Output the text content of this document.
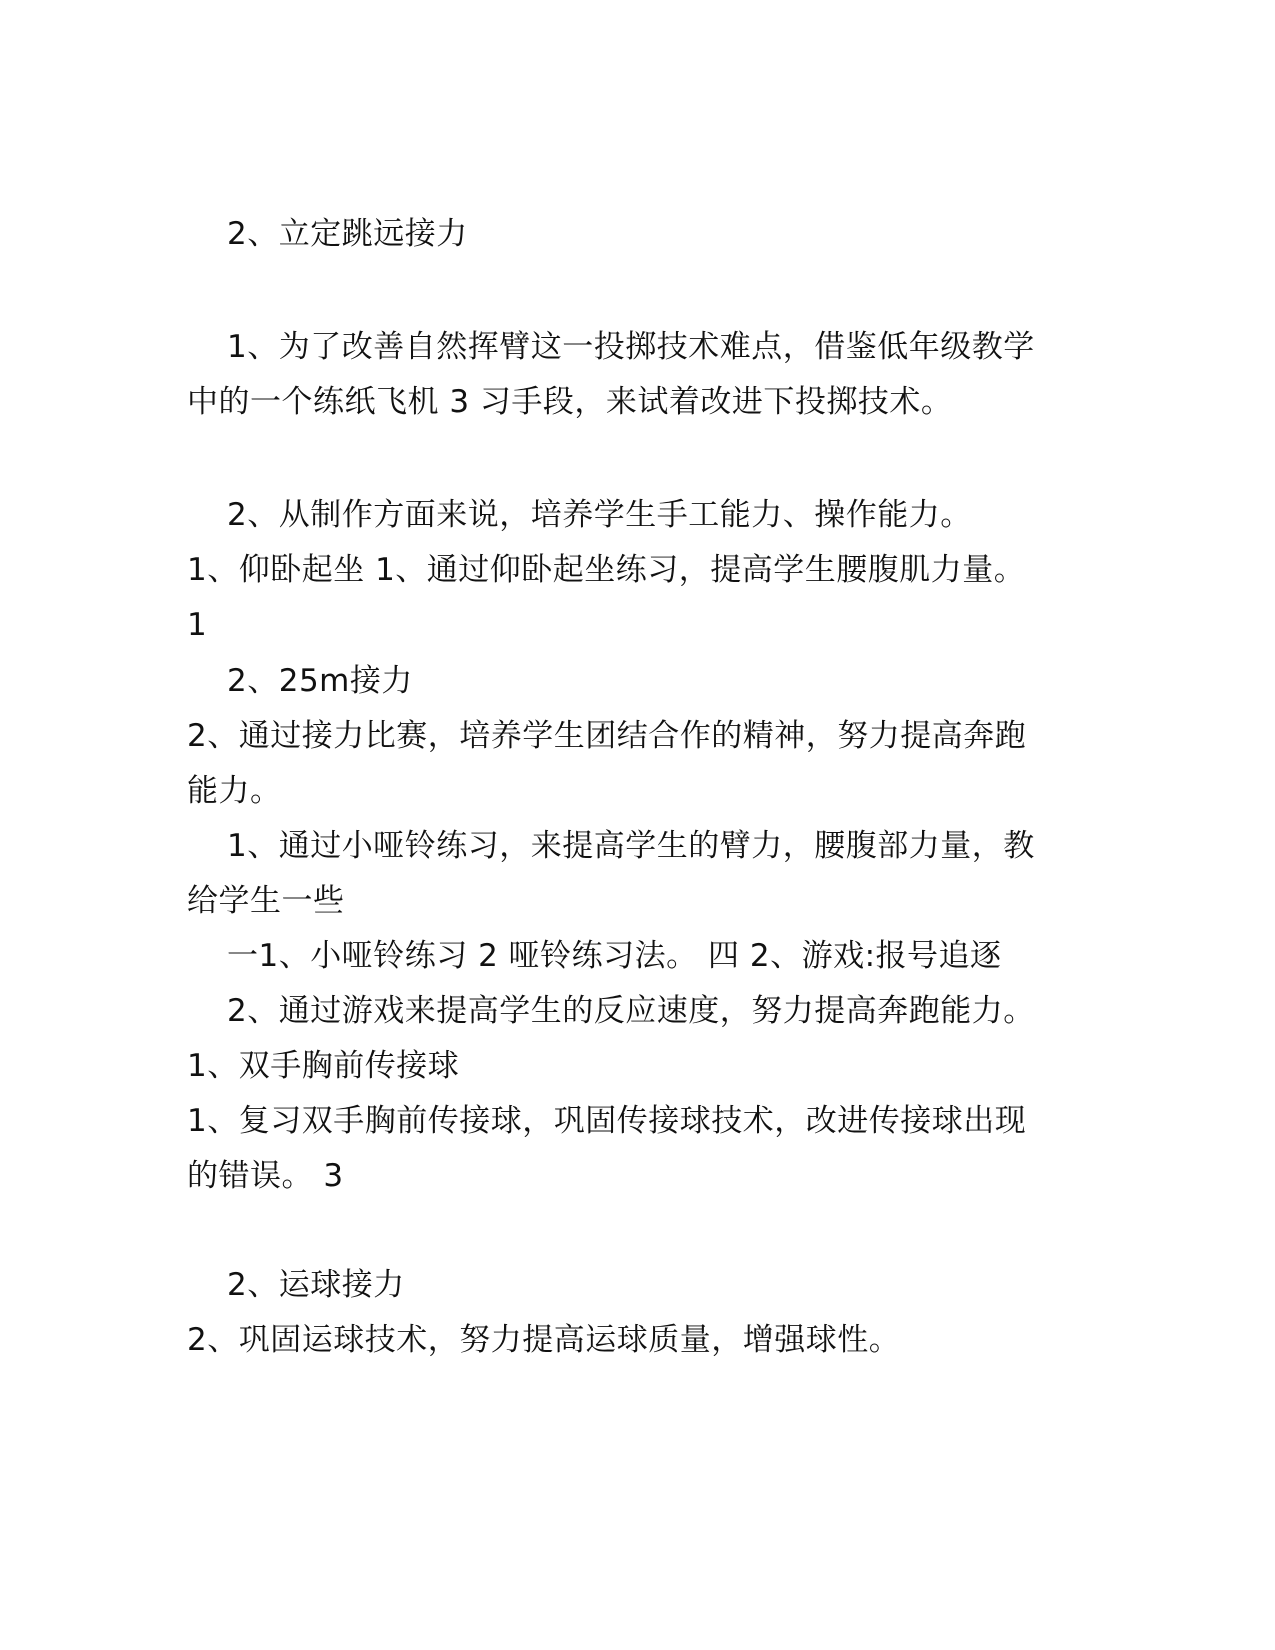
2、立定跳远接力
1、为了改善自然挥臂这一投掷技术难点，借鉴低年级教学
中的一个练纸飞机 3 习手段，来试着改进下投掷技术。
2、从制作方面来说，培养学生手工能力、操作能力。
1、仰卧起坐 1、通过仰卧起坐练习，提高学生腰腹肌力量。
1
2、25m接力
2、通过接力比赛，培养学生团结合作的精神，努力提高奔跑
能力。
1、通过小哑铃练习，来提高学生的臂力，腰腹部力量，教
给学生一些
一1、小哑铃练习 2 哑铃练习法。 四 2、游戏:报号追逐
2、通过游戏来提高学生的反应速度，努力提高奔跑能力。
1、双手胸前传接球
1、复习双手胸前传接球，巩固传接球技术，改进传接球出现
的错误。 3
2、运球接力
2、巩固运球技术，努力提高运球质量，增强球性。
